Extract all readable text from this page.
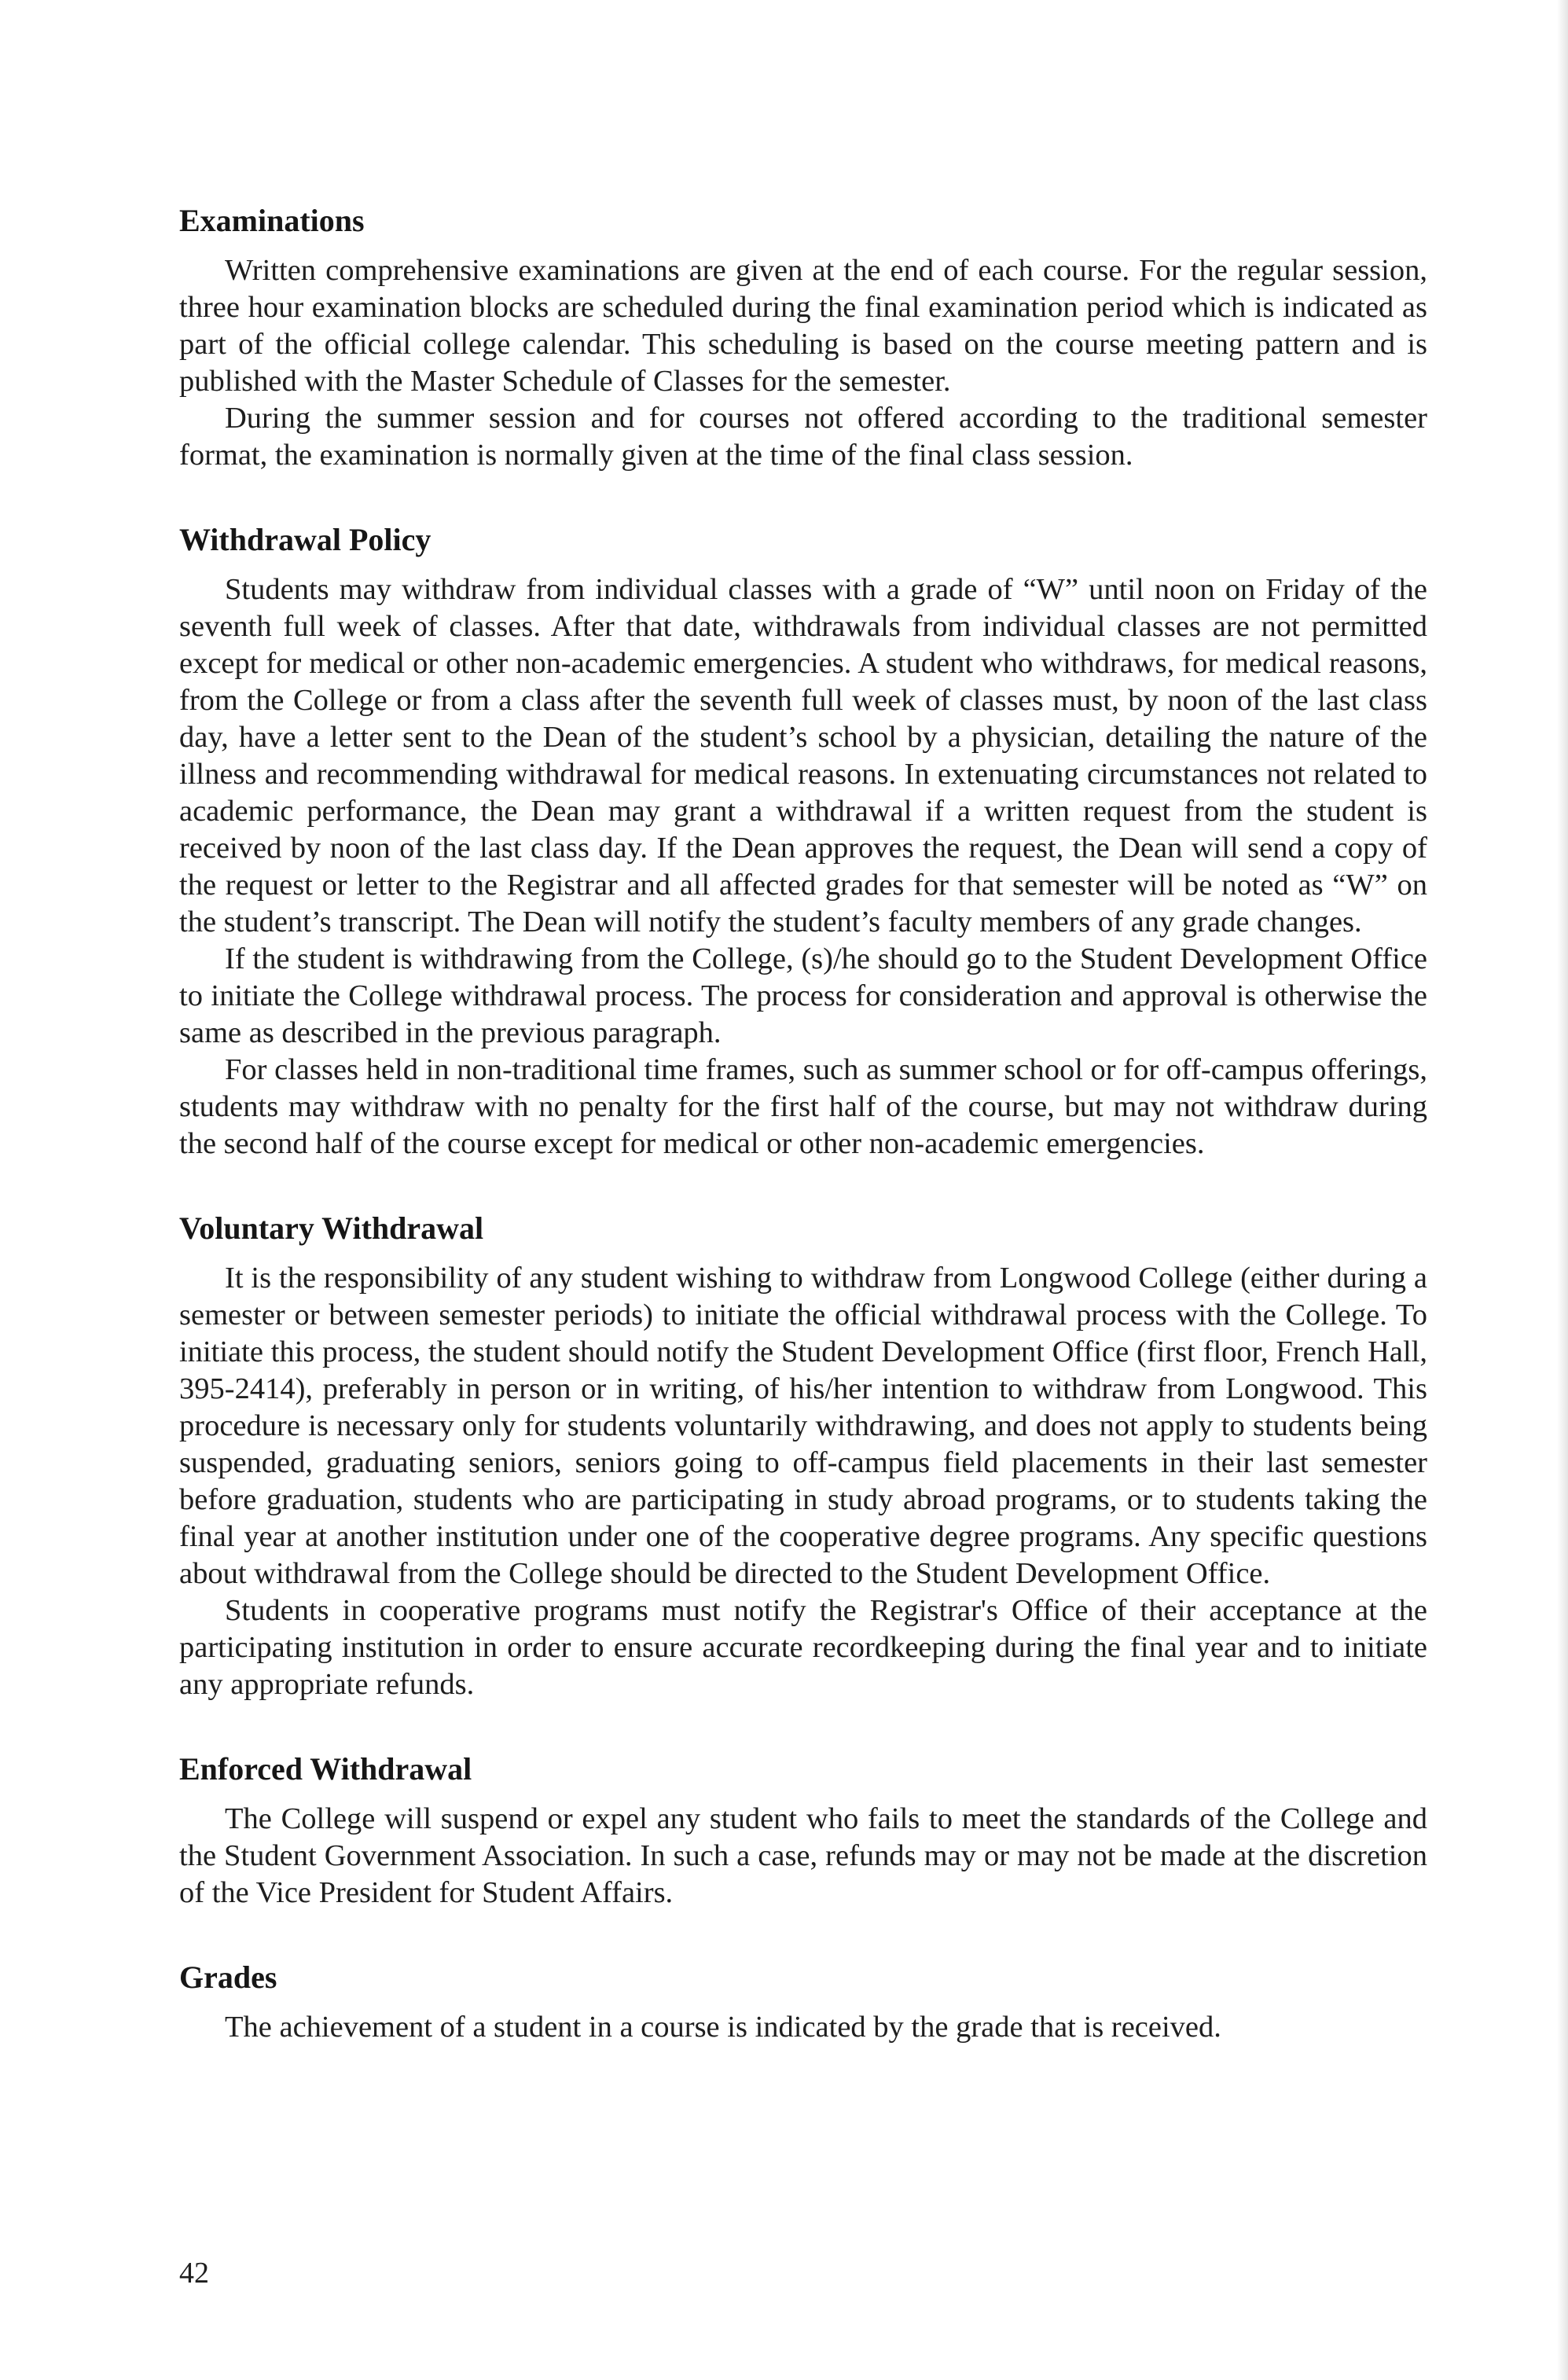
Examinations

Written comprehensive examinations are given at the end of each course. For the regular session, three hour examination blocks are scheduled during the final examination period which is indicated as part of the official college calendar. This scheduling is based on the course meeting pattern and is published with the Master Schedule of Classes for the semester.

During the summer session and for courses not offered according to the traditional semester format, the examination is normally given at the time of the final class session.

Withdrawal Policy

Students may withdraw from individual classes with a grade of “W” until noon on Friday of the seventh full week of classes. After that date, withdrawals from individual classes are not permitted except for medical or other non-academic emergencies. A student who withdraws, for medical reasons, from the College or from a class after the seventh full week of classes must, by noon of the last class day, have a letter sent to the Dean of the student’s school by a physician, detailing the nature of the illness and recommending withdrawal for medical reasons. In extenuating circumstances not related to academic performance, the Dean may grant a withdrawal if a written request from the student is received by noon of the last class day. If the Dean approves the request, the Dean will send a copy of the request or letter to the Registrar and all affected grades for that semester will be noted as “W” on the student’s transcript. The Dean will notify the student’s faculty members of any grade changes.

If the student is withdrawing from the College, (s)/he should go to the Student Development Office to initiate the College withdrawal process. The process for consideration and approval is otherwise the same as described in the previous paragraph.

For classes held in non-traditional time frames, such as summer school or for off-campus offerings, students may withdraw with no penalty for the first half of the course, but may not withdraw during the second half of the course except for medical or other non-academic emergencies.

Voluntary Withdrawal

It is the responsibility of any student wishing to withdraw from Longwood College (either during a semester or between semester periods) to initiate the official withdrawal process with the College. To initiate this process, the student should notify the Student Development Office (first floor, French Hall, 395-2414), preferably in person or in writing, of his/her intention to withdraw from Longwood. This procedure is necessary only for students voluntarily withdrawing, and does not apply to students being suspended, graduating seniors, seniors going to off-campus field placements in their last semester before graduation, students who are participating in study abroad programs, or to students taking the final year at another institution under one of the cooperative degree programs. Any specific questions about withdrawal from the College should be directed to the Student Development Office.

Students in cooperative programs must notify the Registrar's Office of their acceptance at the participating institution in order to ensure accurate recordkeeping during the final year and to initiate any appropriate refunds.

Enforced Withdrawal

The College will suspend or expel any student who fails to meet the standards of the College and the Student Government Association. In such a case, refunds may or may not be made at the discretion of the Vice President for Student Affairs.

Grades

The achievement of a student in a course is indicated by the grade that is received.

42
